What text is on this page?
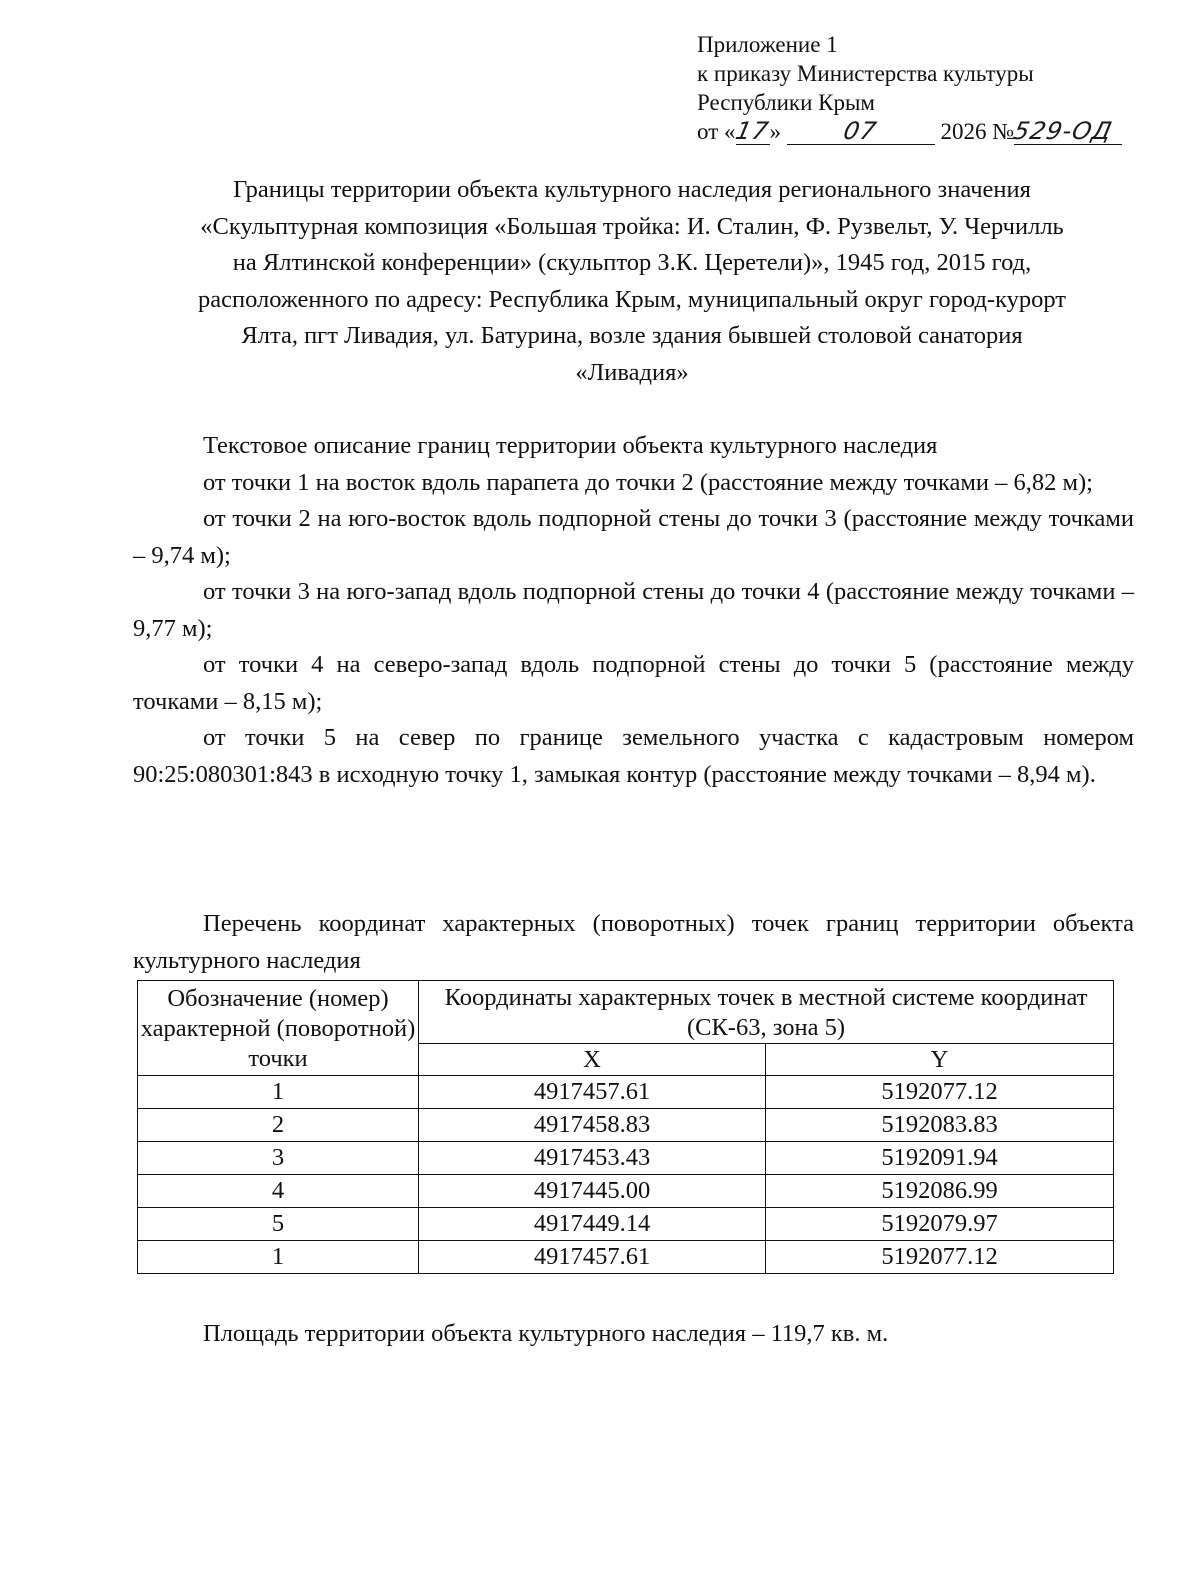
Приложение 1
к приказу Министерства культуры
Республики Крым
от «17»	07	2026 №529-ОД
Границы территории объекта культурного наследия регионального значения
«Скульптурная композиция «Большая тройка: И. Сталин, Ф. Рузвельт, У. Черчилль
на Ялтинской конференции» (скульптор З.К. Церетели)», 1945 год, 2015 год,
расположенного по адресу: Республика Крым, муниципальный округ город-курорт
Ялта, пгт Ливадия, ул. Батурина, возле здания бывшей столовой санатория
«Ливадия»

Текстовое описание границ территории объекта культурного наследия

от точки 1 на восток вдоль парапета до точки 2 (расстояние между точками – 6,82 м);

от точки 2 на юго-восток вдоль подпорной стены до точки 3 (расстояние между точками – 9,74 м);

от точки 3 на юго-запад вдоль подпорной стены до точки 4 (расстояние между точками – 9,77 м);

от точки 4 на северо-запад вдоль подпорной стены до точки 5 (расстояние между точками – 8,15 м);

от точки 5 на север по границе земельного участка с кадастровым номером 90:25:080301:843 в исходную точку 1, замыкая контур (расстояние между точками – 8,94 м).

Перечень координат характерных (поворотных) точек границ территории объекта культурного наследия

Обозначение (номер) характерной (поворотной) точки	Координаты характерных точек в местной системе координат (СК-63, зона 5)	
	X	Y
1	4917457.61	5192077.12
2	4917458.83	5192083.83
3	4917453.43	5192091.94
4	4917445.00	5192086.99
5	4917449.14	5192079.97
1	4917457.61	5192077.12
Площадь территории объекта культурного наследия – 119,7 кв. м.
